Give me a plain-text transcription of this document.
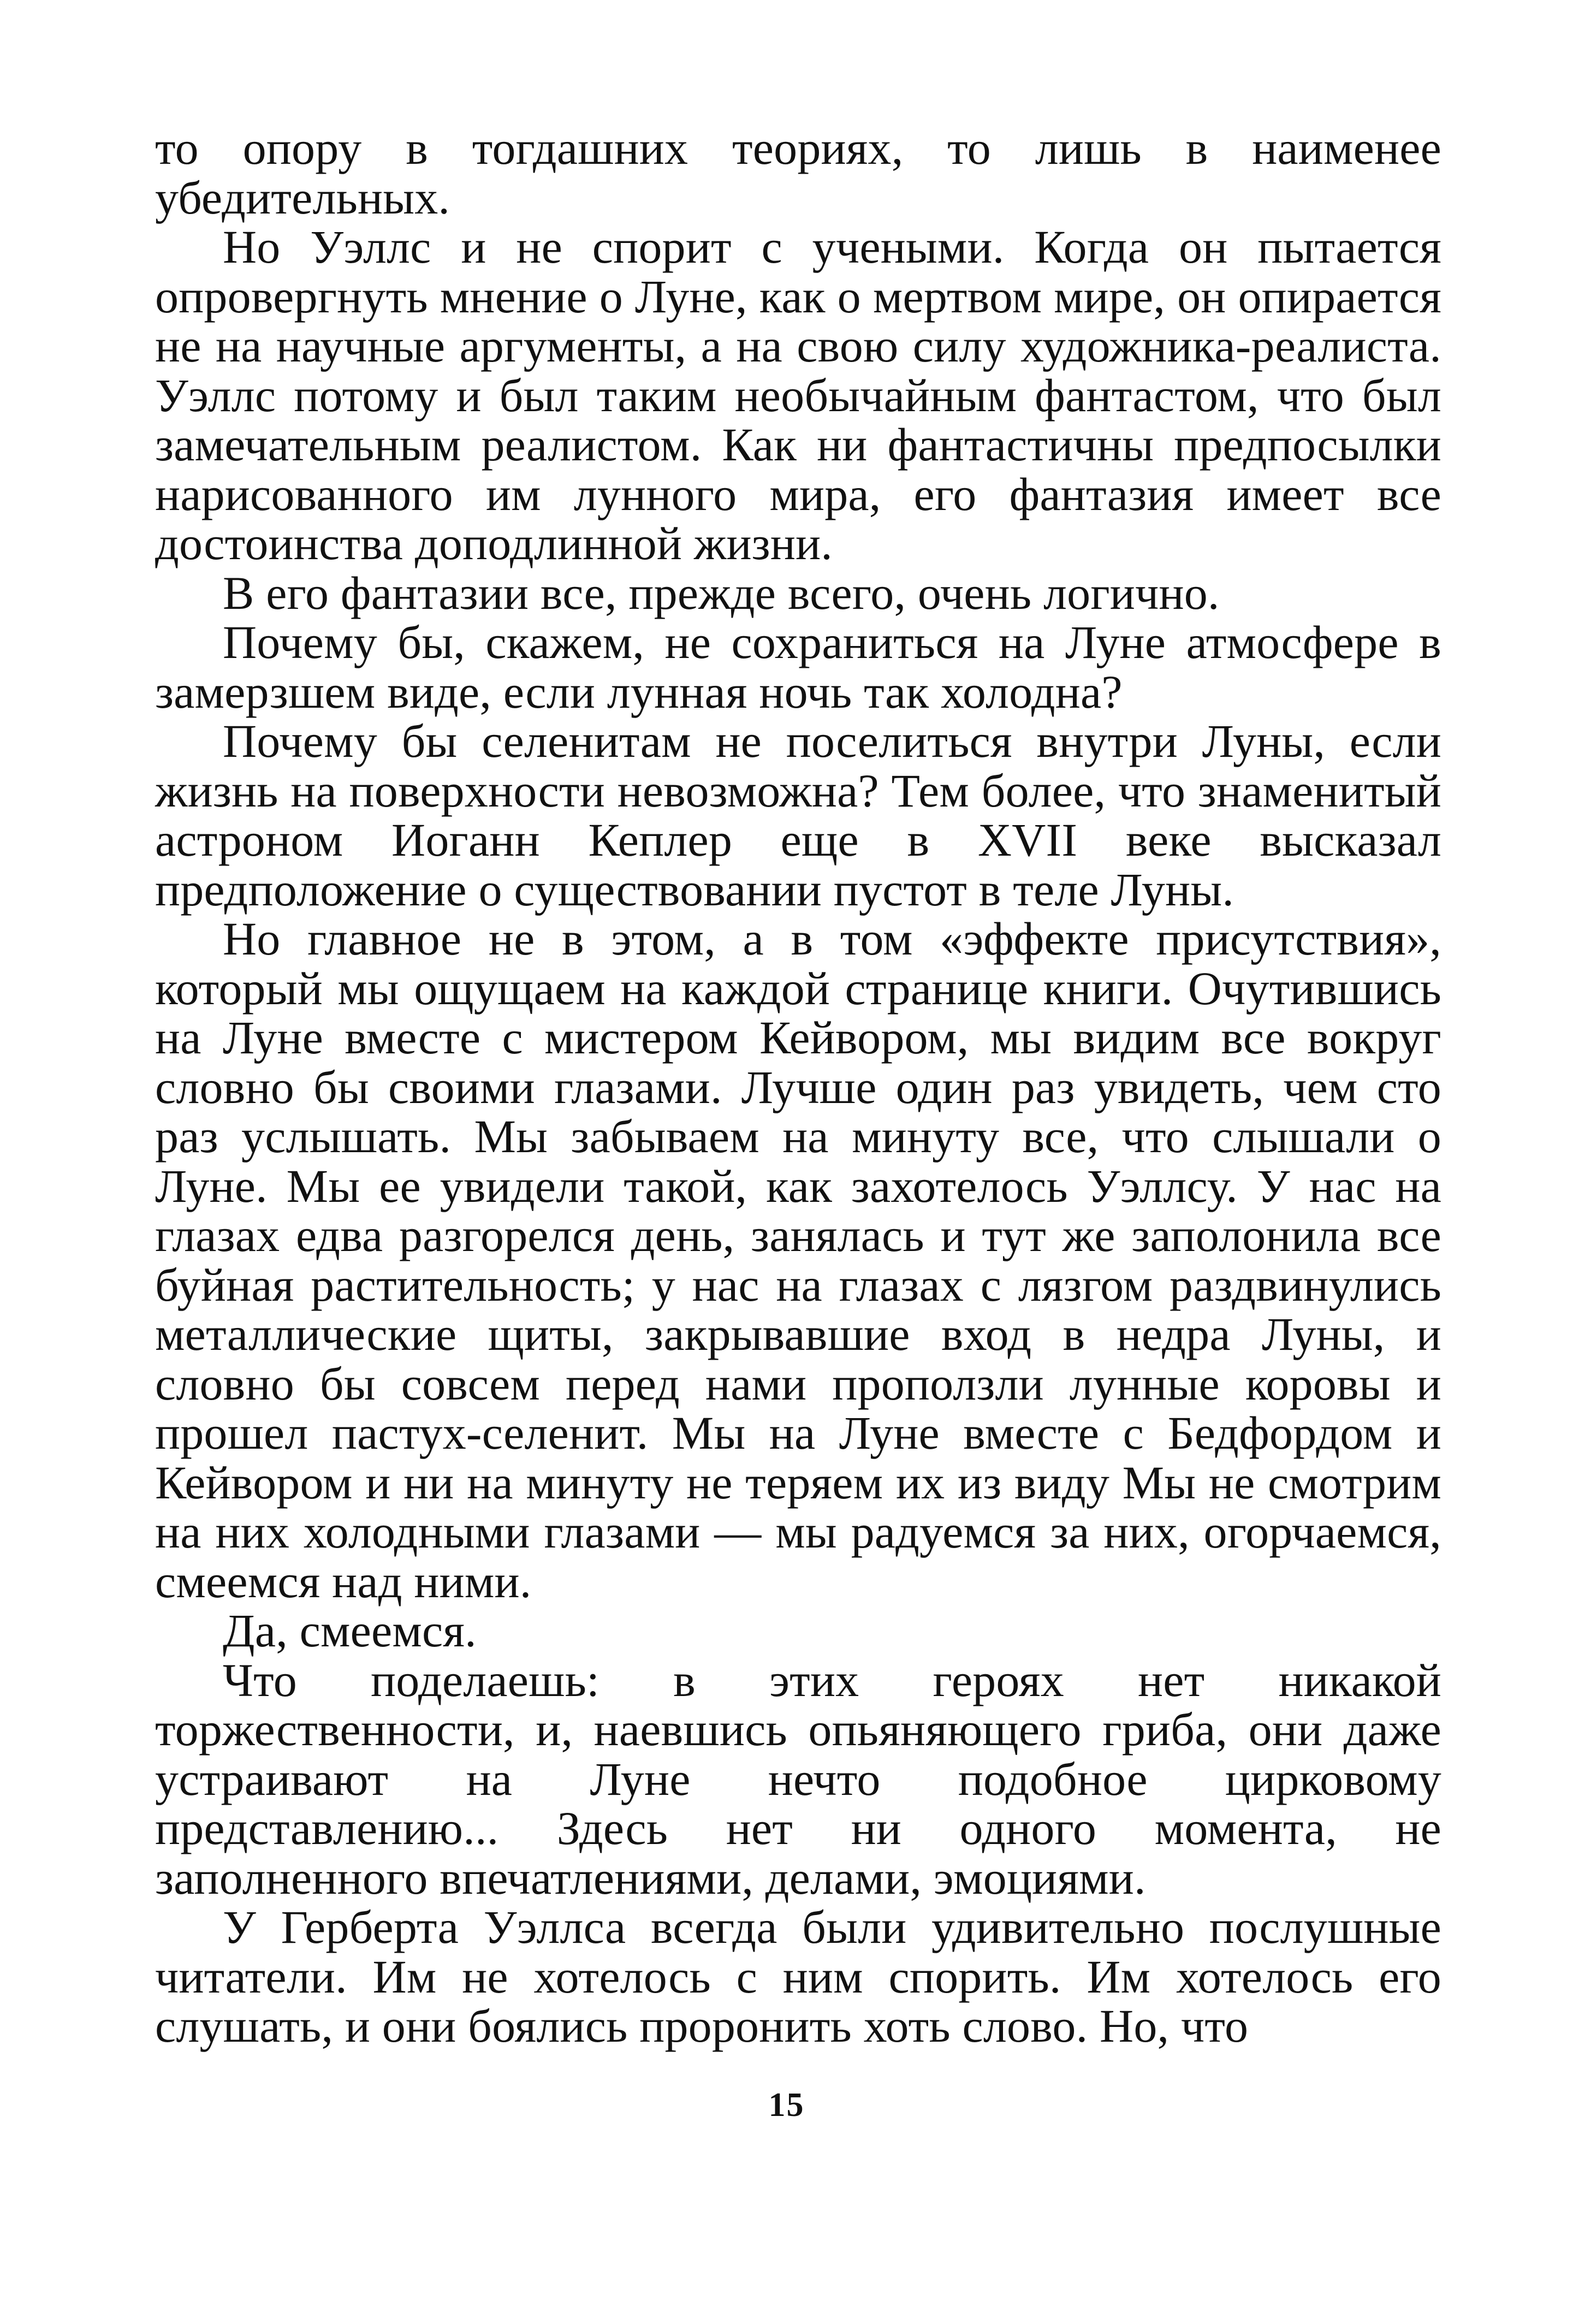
то опору в тогдашних теориях, то лишь в наименее убедительных.

Но Уэллс и не спорит с учеными. Когда он пытается опровергнуть мнение о Луне, как о мертвом мире, он опирается не на научные аргументы, а на свою силу художника-реалиста. Уэллс потому и был таким необычайным фантастом, что был замечательным реалистом. Как ни фантастичны предпосылки нарисованного им лунного мира, его фантазия имеет все достоинства доподлинной жизни.

В его фантазии все, прежде всего, очень логично.

Почему бы, скажем, не сохраниться на Луне атмосфере в замерзшем виде, если лунная ночь так холодна?

Почему бы селенитам не поселиться внутри Луны, если жизнь на поверхности невозможна? Тем более, что знаменитый астроном Иоганн Кеплер еще в XVII веке высказал предположение о существовании пустот в теле Луны.

Но главное не в этом, а в том «эффекте присутствия», который мы ощущаем на каждой странице книги. Очутившись на Луне вместе с мистером Кейвором, мы видим все вокруг словно бы своими глазами. Лучше один раз увидеть, чем сто раз услышать. Мы забываем на минуту все, что слышали о Луне. Мы ее увидели такой, как захотелось Уэллсу. У нас на глазах едва разгорелся день, занялась и тут же заполонила все буйная растительность; у нас на глазах с лязгом раздвинулись металлические щиты, закрывавшие вход в недра Луны, и словно бы совсем перед нами проползли лунные коровы и прошел пастух-селенит. Мы на Луне вместе с Бедфордом и Кейвором и ни на минуту не теряем их из виду Мы не смотрим на них холодными глазами — мы радуемся за них, огорчаемся, смеемся над ними.

Да, смеемся.

Что поделаешь: в этих героях нет никакой торжественности, и, наевшись опьяняющего гриба, они даже устраивают на Луне нечто подобное цирковому представлению... Здесь нет ни одного момента, не заполненного впечатлениями, делами, эмоциями.

У Герберта Уэллса всегда были удивительно послушные читатели. Им не хотелось с ним спорить. Им хотелось его слушать, и они боялись проронить хоть слово. Но, что

15
